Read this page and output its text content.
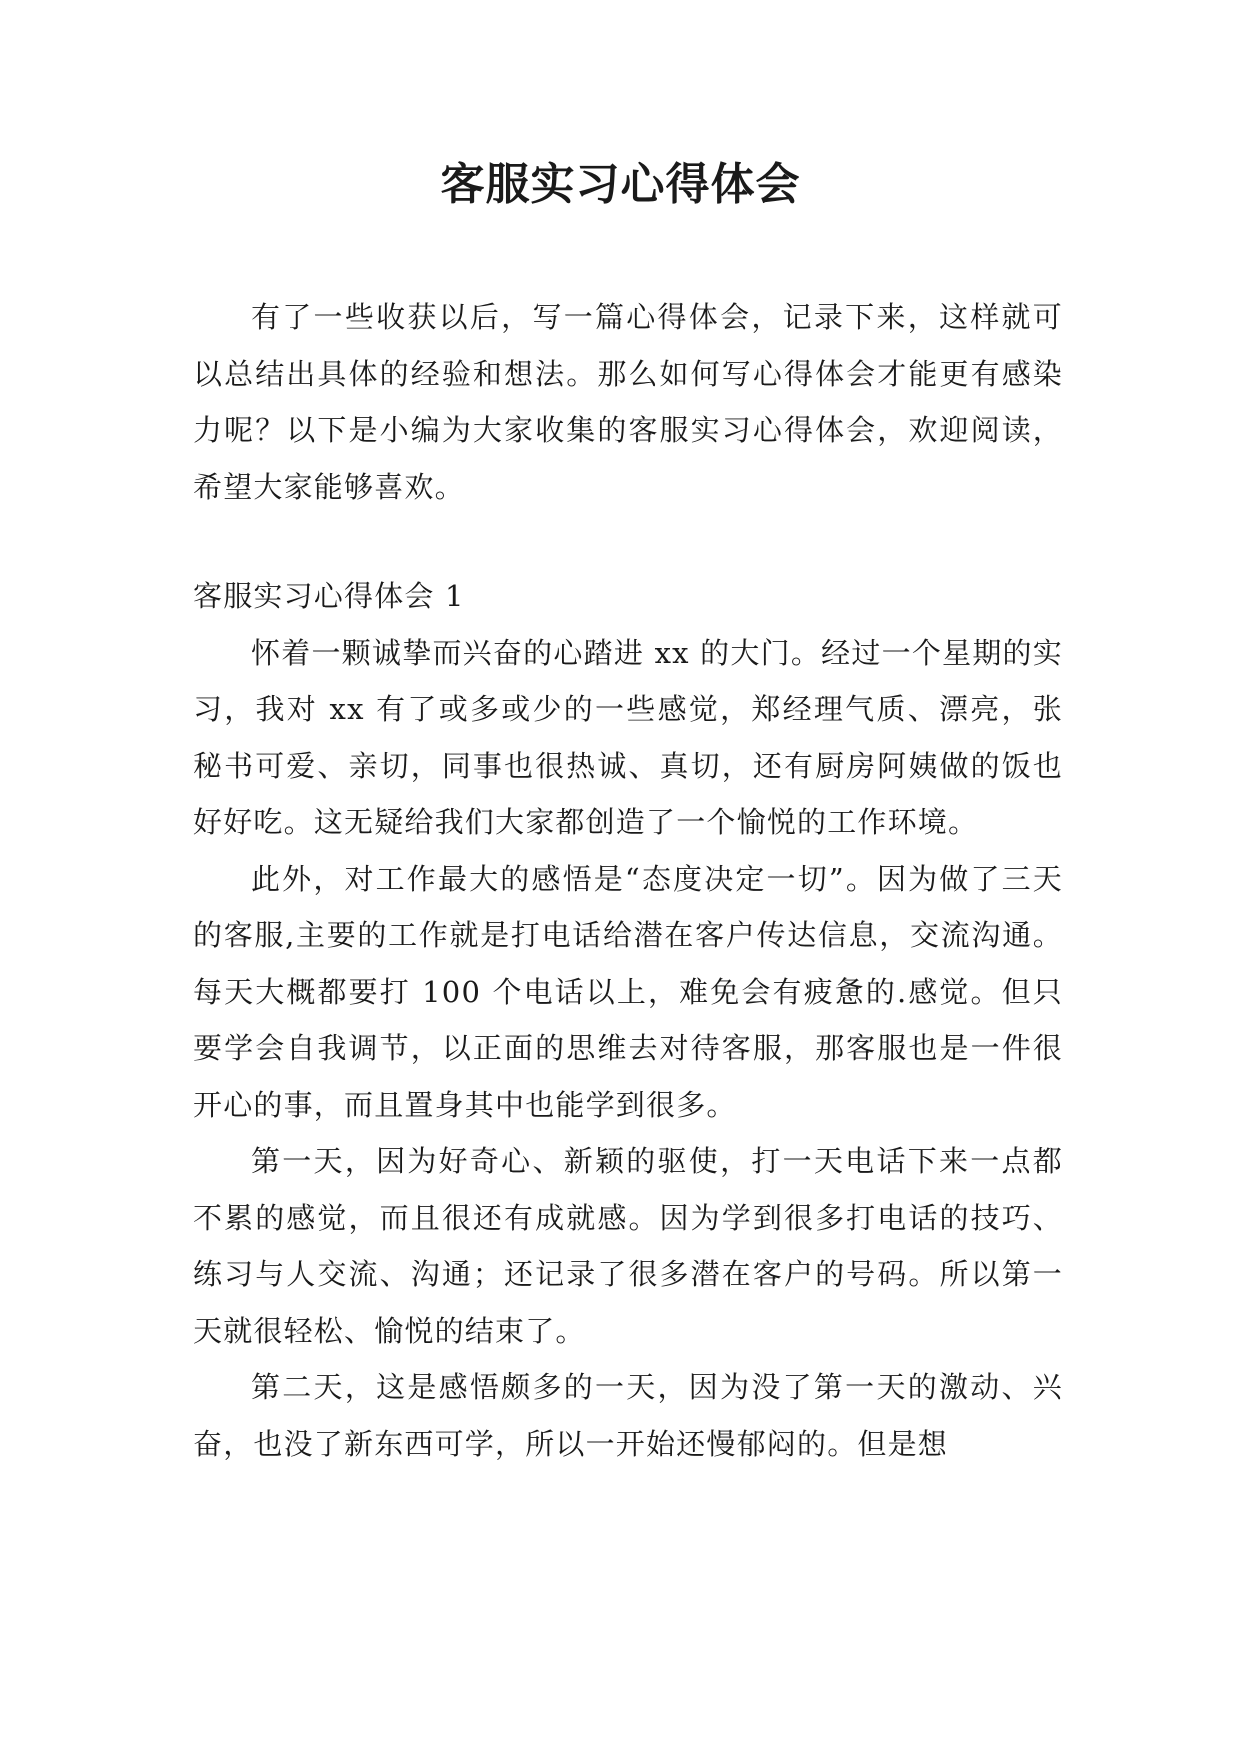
客服实习心得体会

有了一些收获以后，写一篇心得体会，记录下来，这样就可以总结出具体的经验和想法。那么如何写心得体会才能更有感染力呢？以下是小编为大家收集的客服实习心得体会，欢迎阅读，希望大家能够喜欢。

客服实习心得体会 1

怀着一颗诚挚而兴奋的心踏进 xx 的大门。经过一个星期的实习，我对 xx 有了或多或少的一些感觉，郑经理气质、漂亮，张秘书可爱、亲切，同事也很热诚、真切，还有厨房阿姨做的饭也好好吃。这无疑给我们大家都创造了一个愉悦的工作环境。

此外，对工作最大的感悟是“态度决定一切”。因为做了三天的客服,主要的工作就是打电话给潜在客户传达信息，交流沟通。每天大概都要打 100 个电话以上，难免会有疲惫的.感觉。但只要学会自我调节，以正面的思维去对待客服，那客服也是一件很开心的事，而且置身其中也能学到很多。

第一天，因为好奇心、新颖的驱使，打一天电话下来一点都不累的感觉，而且很还有成就感。因为学到很多打电话的技巧、练习与人交流、沟通；还记录了很多潜在客户的号码。所以第一天就很轻松、愉悦的结束了。

第二天，这是感悟颇多的一天，因为没了第一天的激动、兴奋，也没了新东西可学，所以一开始还慢郁闷的。但是想
